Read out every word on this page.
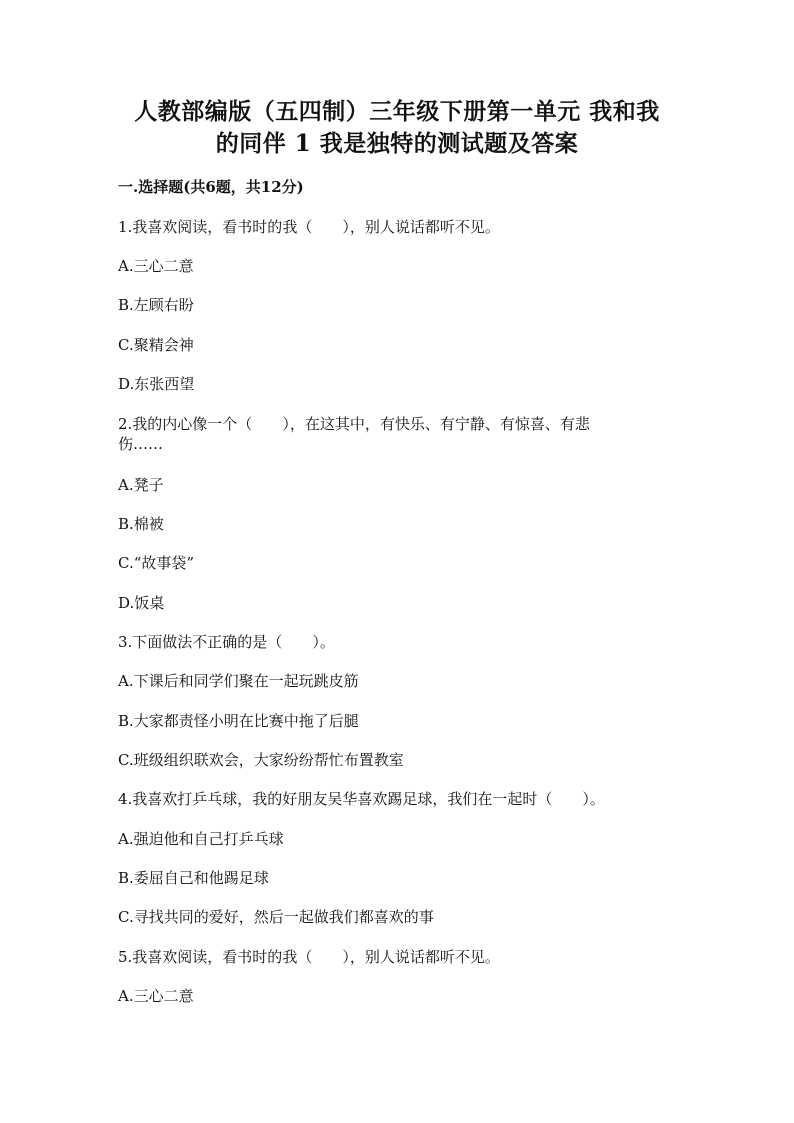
人教部编版（五四制）三年级下册第一单元 我和我
的同伴 1 我是独特的测试题及答案
一.选择题(共6题，共12分)
1.我喜欢阅读，看书时的我（　　），别人说话都听不见。
A.三心二意
B.左顾右盼
C.聚精会神
D.东张西望
2.我的内心像一个（　　），在这其中，有快乐、有宁静、有惊喜、有悲
伤……
A.凳子
B.棉被
C.“故事袋”
D.饭桌
3.下面做法不正确的是（　　）。
A.下课后和同学们聚在一起玩跳皮筋
B.大家都责怪小明在比赛中拖了后腿
C.班级组织联欢会，大家纷纷帮忙布置教室
4.我喜欢打乒乓球，我的好朋友吴华喜欢踢足球，我们在一起时（　　）。
A.强迫他和自己打乒乓球
B.委屈自己和他踢足球
C.寻找共同的爱好，然后一起做我们都喜欢的事
5.我喜欢阅读，看书时的我（　　），别人说话都听不见。
A.三心二意
